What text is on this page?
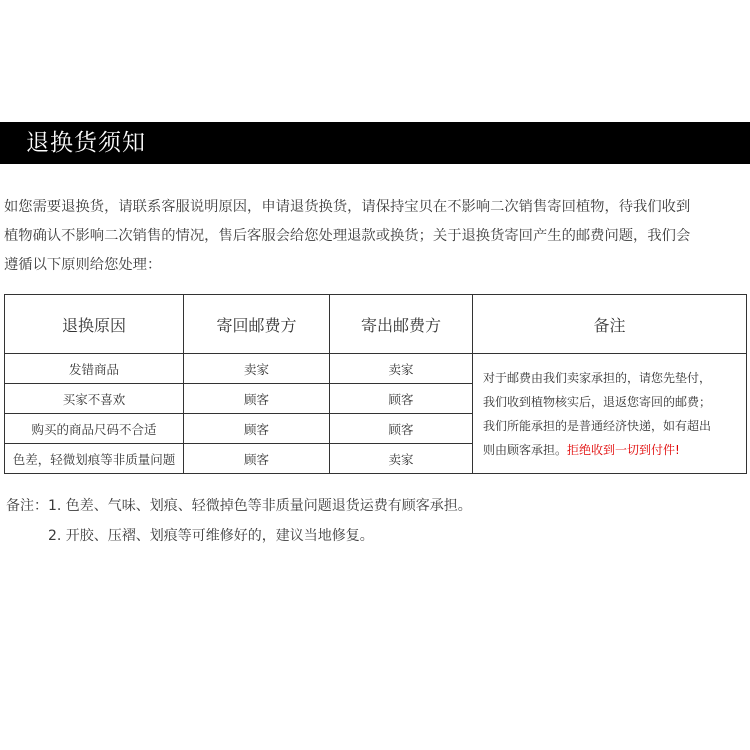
退换货须知
如您需要退换货，请联系客服说明原因，申请退货换货，请保持宝贝在不影响二次销售寄回植物，待我们收到
植物确认不影响二次销售的情况，售后客服会给您处理退款或换货；关于退换货寄回产生的邮费问题，我们会
遵循以下原则给您处理：
退换原因	寄回邮费方	寄出邮费方	备注
发错商品	卖家	卖家	对于邮费由我们卖家承担的，请您先垫付，
我们收到植物核实后，退返您寄回的邮费；
我们所能承担的是普通经济快递，如有超出
则由顾客承担。拒绝收到一切到付件!

买家不喜欢	顾客	顾客	
购买的商品尺码不合适	顾客	顾客	
色差，轻微划痕等非质量问题	顾客	卖家	
备注：1. 色差、气味、划痕、轻微掉色等非质量问题退货运费有顾客承担。
2. 开胶、压褶、划痕等可维修好的，建议当地修复。
